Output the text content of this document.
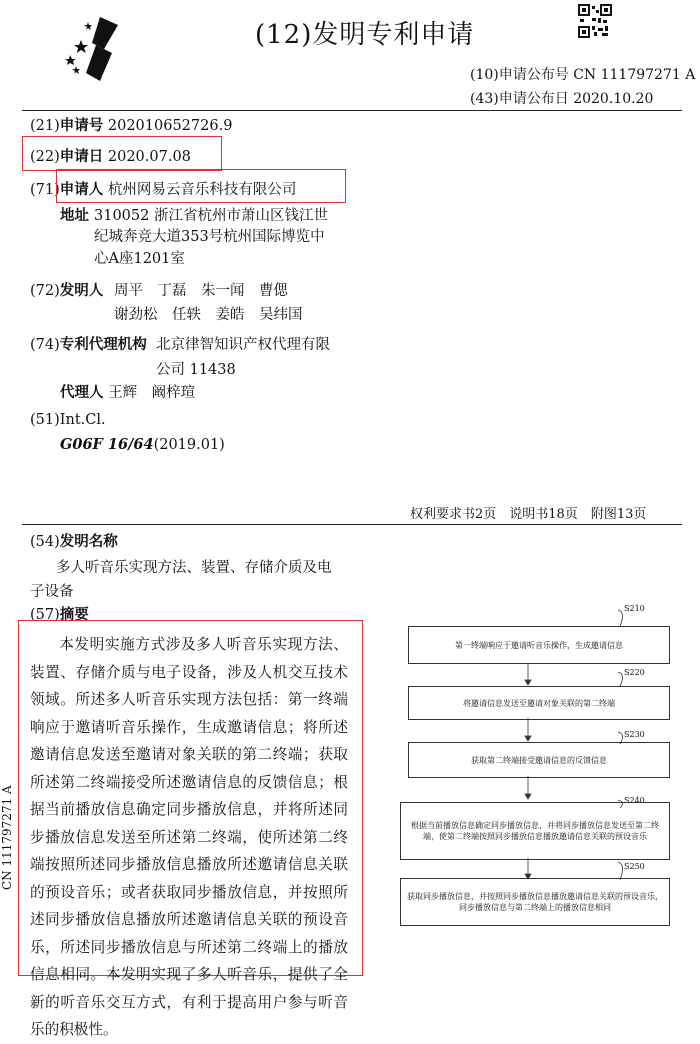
(12)发明专利申请
(10)申请公布号 CN 111797271 A
(43)申请公布日 2020.10.20
(21)申请号 202010652726.9
(22)申请日 2020.07.08
(71)申请人 杭州网易云音乐科技有限公司
地址 310052 浙江省杭州市萧山区钱江世
纪城奔竞大道353号杭州国际博览中
心A座1201室
(72)发明人 周平　丁磊　朱一闻　曹偲
谢劲松　任轶　姜皓　吴纬国
(74)专利代理机构 北京律智知识产权代理有限
公司 11438
代理人 王辉　阚梓瑄
(51)Int.Cl.
G06F 16/64(2019.01)
权利要求书2页　说明书18页　附图13页
(54)发明名称
多人听音乐实现方法、装置、存储介质及电
子设备
(57)摘要

本发明实施方式涉及多人听音乐实现方法、装置、存储介质与电子设备，涉及人机交互技术领域。所述多人听音乐实现方法包括：第一终端响应于邀请听音乐操作，生成邀请信息；将所述邀请信息发送至邀请对象关联的第二终端；获取所述第二终端接受所述邀请信息的反馈信息；根据当前播放信息确定同步播放信息，并将所述同步播放信息发送至所述第二终端，使所述第二终端按照所述同步播放信息播放所述邀请信息关联的预设音乐；或者获取同步播放信息，并按照所述同步播放信息播放所述邀请信息关联的预设音乐，所述同步播放信息与所述第二终端上的播放信息相同。本发明实现了多人听音乐，提供了全新的听音乐交互方式，有利于提高用户参与听音乐的积极性。

CN 111797271 A
S210
第一终端响应于邀请听音乐操作，生成邀请信息
S220
将邀请信息发送至邀请对象关联的第二终端
S230
获取第二终端接受邀请信息的反馈信息
S240
根据当前播放信息确定同步播放信息，并将同步播放信息发送至第二终端，使第二终端按照同步播放信息播放邀请信息关联的预设音乐
S250
获取同步播放信息，并按照同步播放信息播放邀请信息关联的预设音乐，同步播放信息与第二终端上的播放信息相同
